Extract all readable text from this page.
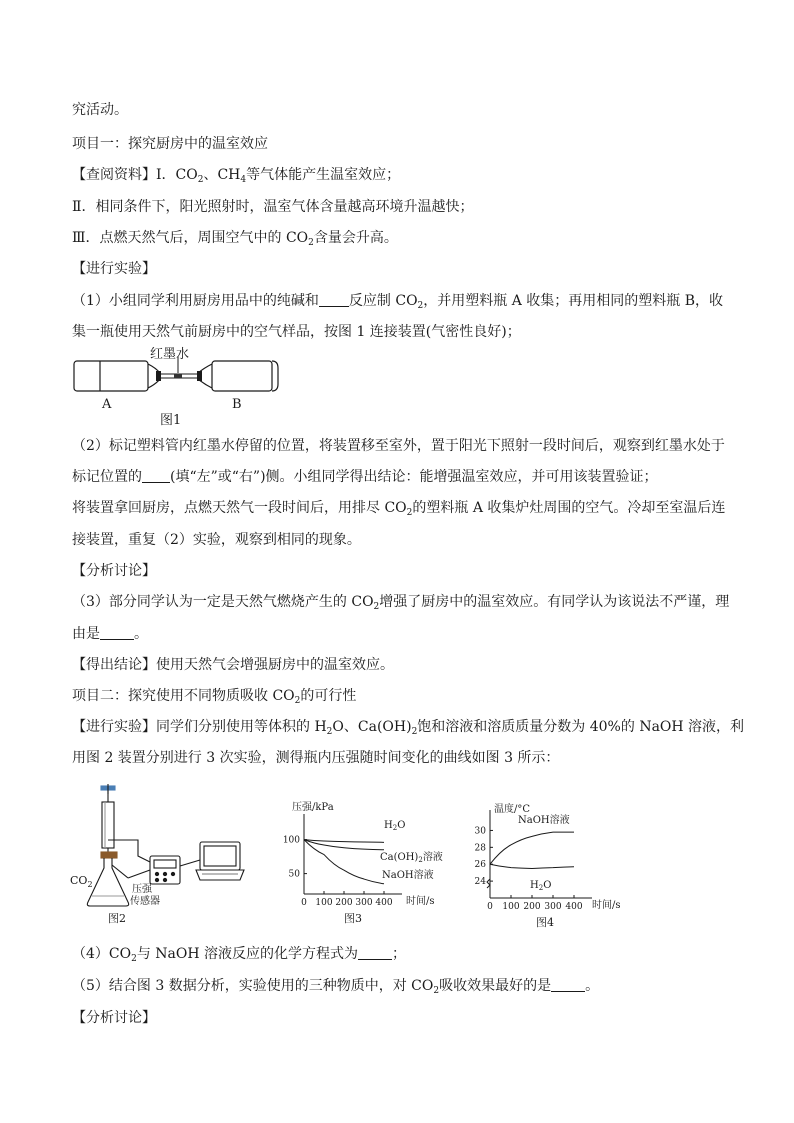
究活动。
项目一：探究厨房中的温室效应
【查阅资料】Ⅰ．$CO_2$、$CH_4$等气体能产生温室效应；
Ⅱ．相同条件下，阳光照射时，温室气体含量越高环境升温越快；
Ⅲ．点燃天然气后，周围空气中的 $CO_2$含量会升高。
【进行实验】
（1）小组同学利用厨房用品中的纯碱和 反应制 $CO_2$，并用塑料瓶 A 收集；再用相同的塑料瓶 B，收
集一瓶使用天然气前厨房中的空气样品，按图 1 连接装置(气密性良好)；
（2）标记塑料管内红墨水停留的位置，将装置移至室外，置于阳光下照射一段时间后，观察到红墨水处于
标记位置的 (填“左”或“右”)侧。小组同学得出结论：能增强温室效应，并可用该装置验证；
将装置拿回厨房，点燃天然气一段时间后，用排尽 $CO_2$的塑料瓶 A 收集炉灶周围的空气。冷却至室温后连
接装置，重复（2）实验，观察到相同的现象。
【分析讨论】
（3）部分同学认为一定是天然气燃烧产生的 $CO_2$增强了厨房中的温室效应。有同学认为该说法不严谨，理
由是 。
【得出结论】使用天然气会增强厨房中的温室效应。
项目二：探究使用不同物质吸收 $CO_2$的可行性
【进行实验】同学们分别使用等体积的 $H_2O$、$Ca(OH)_2$饱和溶液和溶质质量分数为 40%的 NaOH 溶液，利
用图 2 装置分别进行 3 次实验，测得瓶内压强随时间变化的曲线如图 3 所示：
$(4)CO_2$与 NaOH 溶液反应的化学方程式为 ；
（5）结合图 3 数据分析，实验使用的三种物质中，对 $CO_2$吸收效果最好的是 。
【分析讨论】
红墨水
A	B
图1
$CO_2$	压强
传感器
图2
0 100 200 300 400
50
100
压强/kPa
时间/s
$H_2O$
$Ca(OH)_2$溶液
NaOH溶液
图3
0 100 200 300 400
24
26
28
30
温度/°C
时间/s
NaOH溶液
$H_2O$
图4
